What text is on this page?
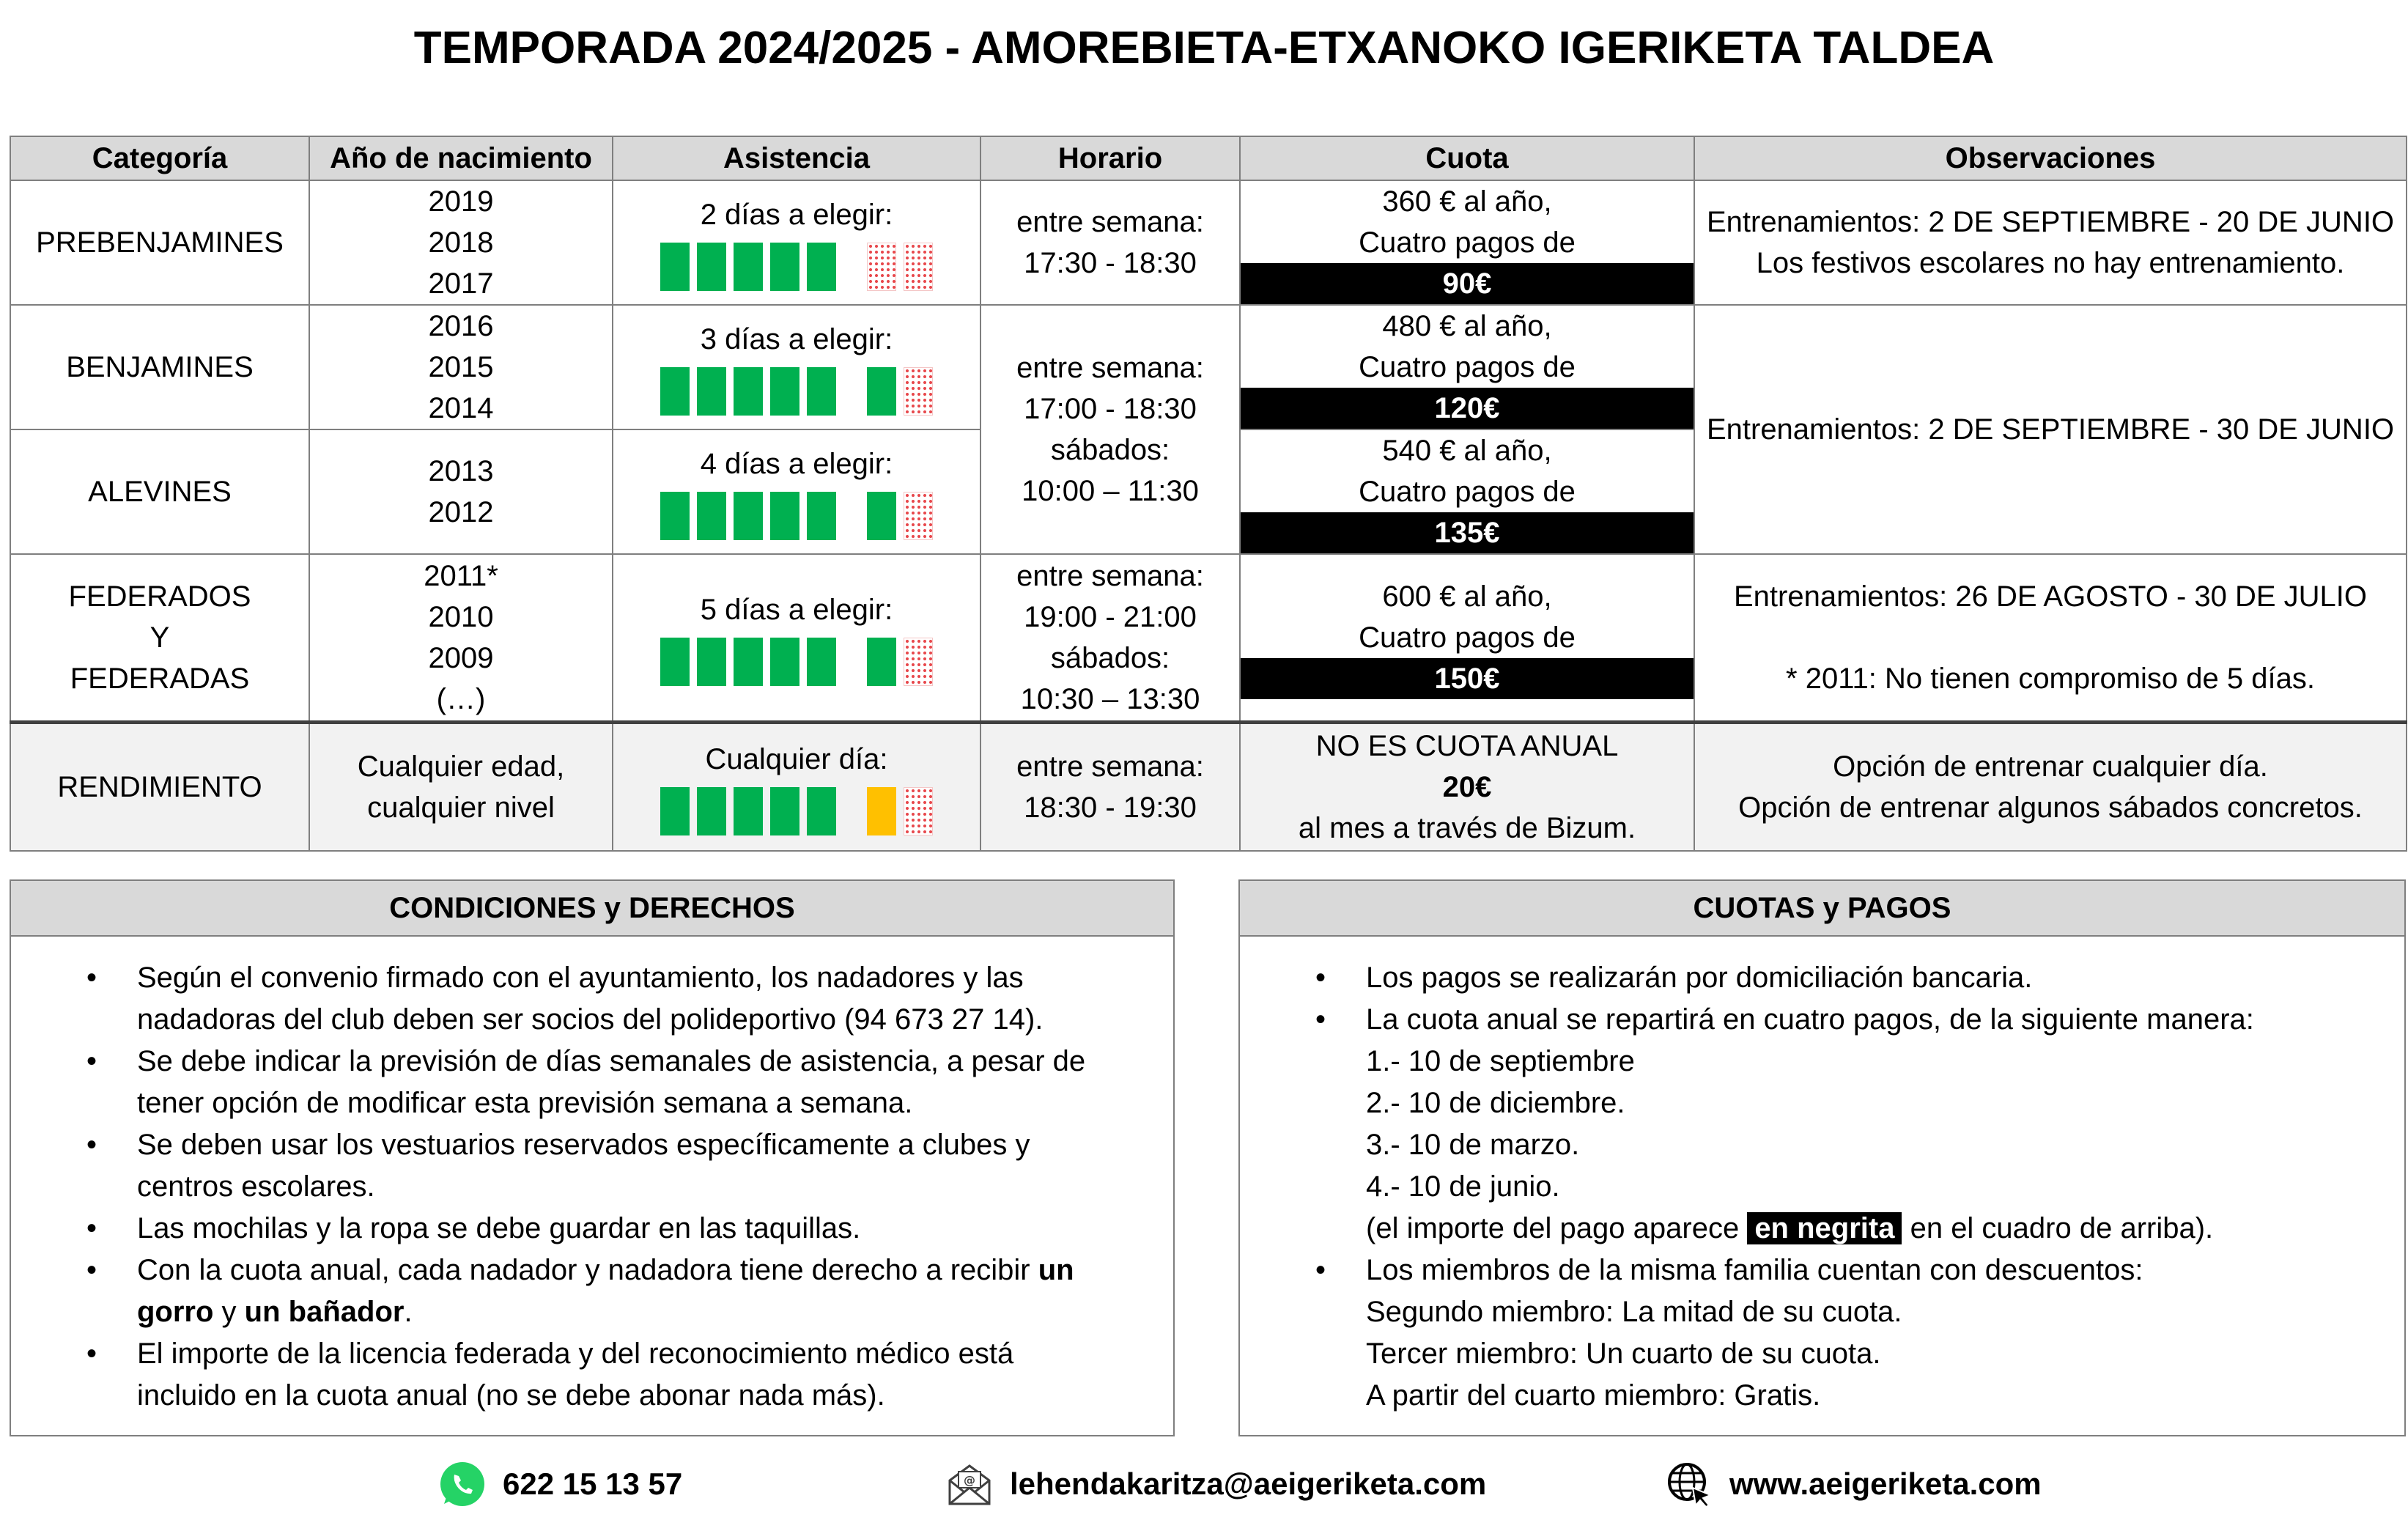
TEMPORADA 2024/2025 - AMOREBIETA-ETXANOKO IGERIKETA TALDEA
Categoría	Año de nacimiento	Asistencia	Horario	Cuota	Observaciones
PREBENJAMINES	2019
2018
2017	2 días a elegir:	entre semana:
17:30 - 18:30	360 € al año,
Cuatro pagos de
90€	Entrenamientos: 2 DE SEPTIEMBRE - 20 DE JUNIO
Los festivos escolares no hay entrenamiento.

BENJAMINES	2016
2015
2014	3 días a elegir:	entre semana:
17:00 - 18:30
sábados:
10:00 – 11:30	480 € al año,
Cuatro pagos de
120€	Entrenamientos: 2 DE SEPTIEMBRE - 30 DE JUNIO
ALEVINES	2013
2012	4 días a elegir:		540 € al año,
Cuatro pagos de
135€	

FEDERADOS
Y
FEDERADAS	2011*
2010
2009
(…)	5 días a elegir:	entre semana:
19:00 - 21:00
sábados:
10:30 – 13:30	600 € al año,
Cuatro pagos de
150€	Entrenamientos: 26 DE AGOSTO - 30 DE JULIO

* 2011: No tienen compromiso de 5 días.

RENDIMIENTO	Cualquier edad,
cualquier nivel	Cualquier día:	entre semana:
18:30 - 19:30	NO ES CUOTA ANUAL
20€
al mes a través de Bizum.	Opción de entrenar cualquier día.
Opción de entrenar algunos sábados concretos.
CONDICIONES y DERECHOS
• Según el convenio firmado con el ayuntamiento, los nadadores y las
nadadoras del club deben ser socios del polideportivo (94 673 27 14).
• Se debe indicar la previsión de días semanales de asistencia, a pesar de
tener opción de modificar esta previsión semana a semana.
• Se deben usar los vestuarios reservados específicamente a clubes y
centros escolares.
• Las mochilas y la ropa se debe guardar en las taquillas.
• Con la cuota anual, cada nadador y nadadora tiene derecho a recibir un
gorro y un bañador.
• El importe de la licencia federada y del reconocimiento médico está
incluido en la cuota anual (no se debe abonar nada más).
CUOTAS y PAGOS
• Los pagos se realizarán por domiciliación bancaria.
• La cuota anual se repartirá en cuatro pagos, de la siguiente manera:
1.- 10 de septiembre
2.- 10 de diciembre.
3.- 10 de marzo.
4.- 10 de junio.
(el importe del pago aparece en negrita en el cuadro de arriba).
• Los miembros de la misma familia cuentan con descuentos:
Segundo miembro: La mitad de su cuota.
Tercer miembro: Un cuarto de su cuota.
A partir del cuarto miembro: Gratis.
622 15 13 57	@ lehendakaritza@aeigeriketa.com	www.aeigeriketa.com
